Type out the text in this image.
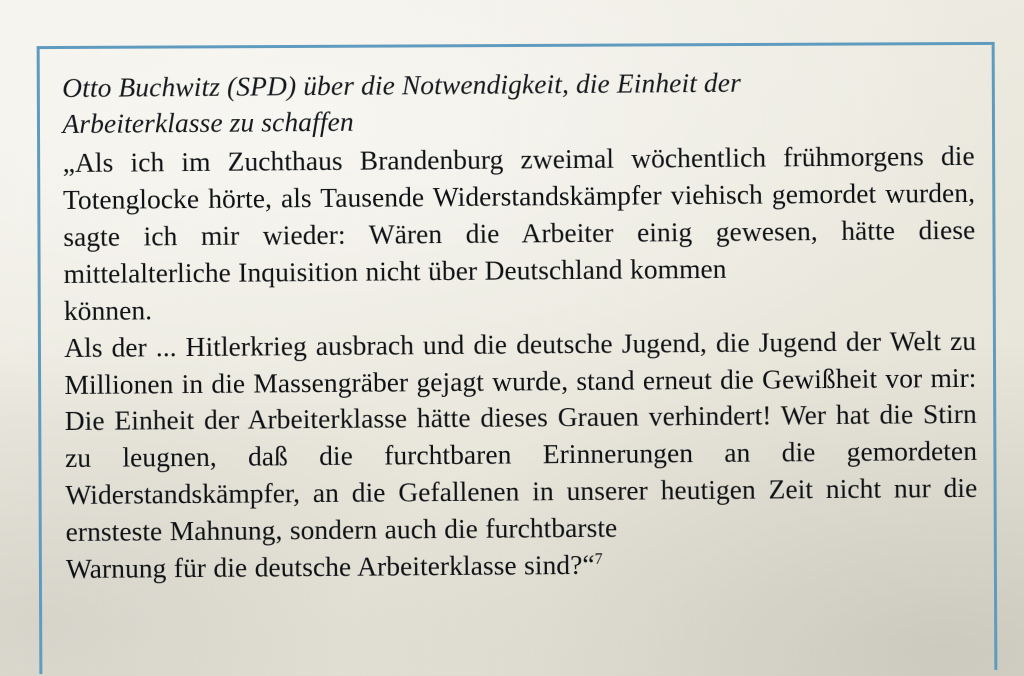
Otto Buchwitz (SPD) über die Notwendigkeit, die Einheit der
Arbeiterklasse zu schaffen

„Als ich im Zuchthaus Brandenburg zweimal wöchentlich frühmorgens die Totenglocke hörte, als Tausende Widerstandskämpfer viehisch gemordet wurden, sagte ich mir wieder: Wären die Arbeiter einig gewesen, hätte diese mittelalterliche Inquisition nicht über Deutschland kommen
können.

Als der ... Hitlerkrieg ausbrach und die deutsche Jugend, die Jugend der Welt zu Millionen in die Massengräber gejagt wurde, stand erneut die Gewißheit vor mir: Die Einheit der Arbeiterklasse hätte dieses Grauen verhindert! Wer hat die Stirn zu leugnen, daß die furchtbaren Erinnerungen an die gemordeten Widerstandskämpfer, an die Gefallenen in unserer heutigen Zeit nicht nur die ernsteste Mahnung, sondern auch die furchtbarste
Warnung für die deutsche Arbeiterklasse sind?“$^7$
